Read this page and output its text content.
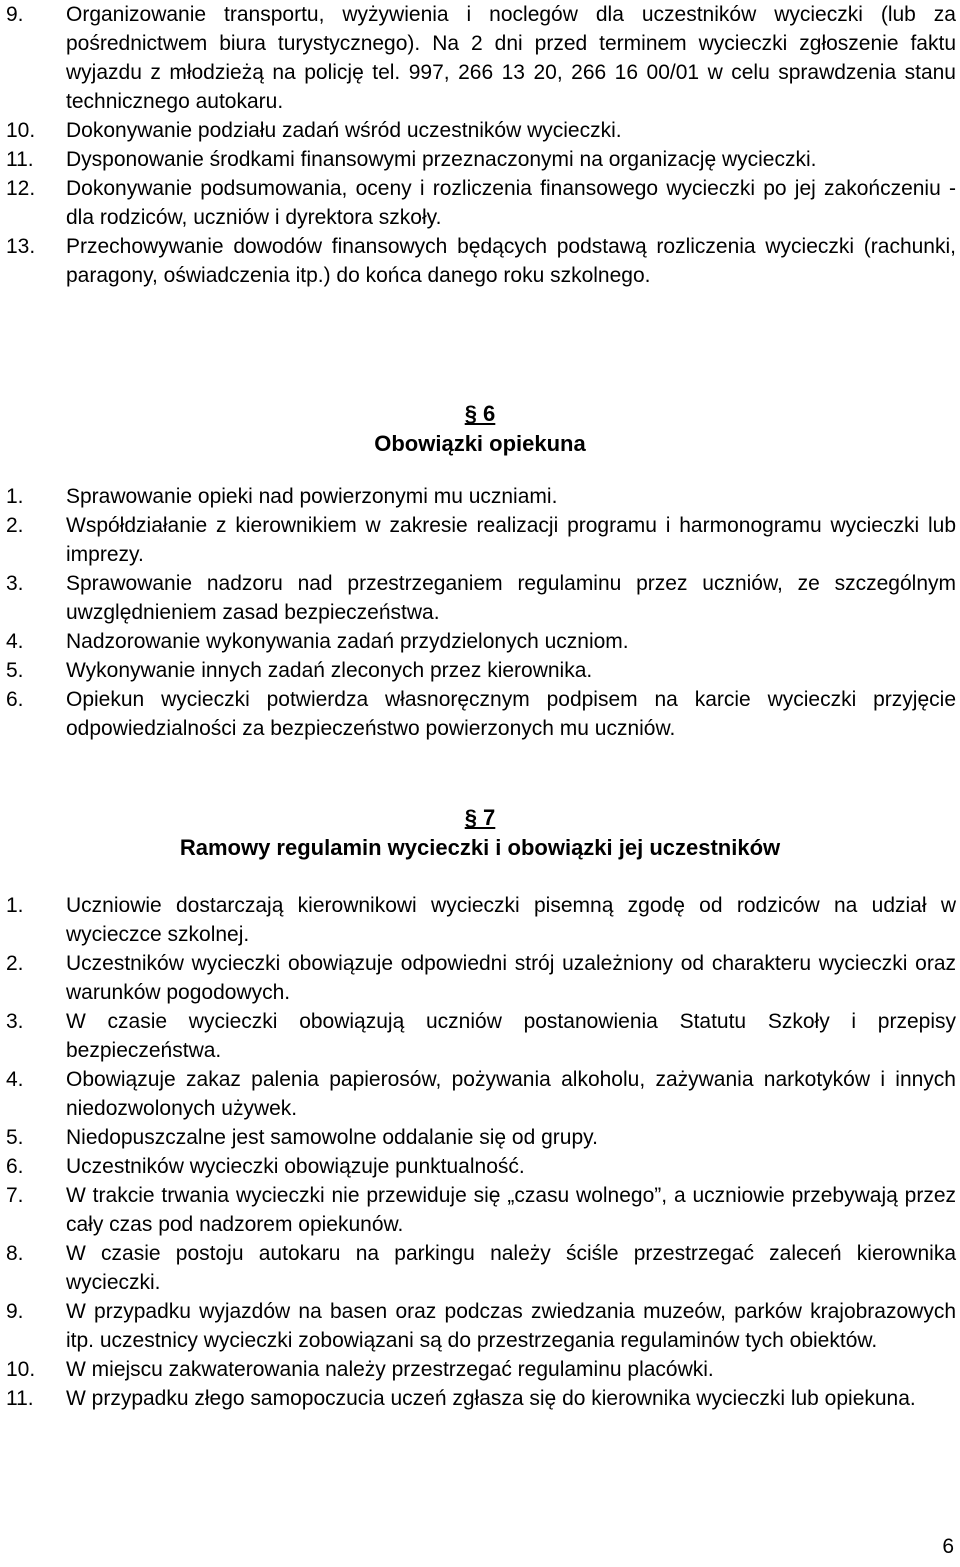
9. Organizowanie transportu, wyżywienia i noclegów dla uczestników wycieczki (lub za pośrednictwem biura turystycznego). Na 2 dni przed terminem wycieczki zgłoszenie faktu wyjazdu z młodzieżą na policję tel. 997, 266 13 20, 266 16 00/01 w celu sprawdzenia stanu technicznego autokaru.
10. Dokonywanie podziału zadań wśród uczestników wycieczki.
11. Dysponowanie środkami finansowymi przeznaczonymi na organizację wycieczki.
12. Dokonywanie podsumowania, oceny i rozliczenia finansowego wycieczki po jej zakończeniu - dla rodziców, uczniów i dyrektora szkoły.
13. Przechowywanie dowodów finansowych będących podstawą rozliczenia wycieczki (rachunki, paragony, oświadczenia itp.) do końca danego roku szkolnego.
§ 6
Obowiązki opiekuna
1. Sprawowanie opieki nad powierzonymi mu uczniami.
2. Współdziałanie z kierownikiem w zakresie realizacji programu i harmonogramu wycieczki lub imprezy.
3. Sprawowanie nadzoru nad przestrzeganiem regulaminu przez uczniów, ze szczególnym uwzględnieniem zasad bezpieczeństwa.
4. Nadzorowanie wykonywania zadań przydzielonych uczniom.
5. Wykonywanie innych zadań zleconych przez kierownika.
6. Opiekun wycieczki potwierdza własnoręcznym podpisem na karcie wycieczki przyjęcie odpowiedzialności za bezpieczeństwo powierzonych mu uczniów.
§ 7
Ramowy regulamin wycieczki i obowiązki jej uczestników
1. Uczniowie dostarczają kierownikowi wycieczki pisemną zgodę od rodziców na udział w wycieczce szkolnej.
2. Uczestników wycieczki obowiązuje odpowiedni strój uzależniony od charakteru wycieczki oraz warunków pogodowych.
3. W czasie wycieczki obowiązują uczniów postanowienia Statutu Szkoły i przepisy bezpieczeństwa.
4. Obowiązuje zakaz palenia papierosów, pożywania alkoholu, zażywania narkotyków i innych niedozwolonych używek.
5. Niedopuszczalne jest samowolne oddalanie się od grupy.
6. Uczestników wycieczki obowiązuje punktualność.
7. W trakcie trwania wycieczki nie przewiduje się „czasu wolnego”, a uczniowie przebywają przez cały czas pod nadzorem opiekunów.
8. W czasie postoju autokaru na parkingu należy ściśle przestrzegać zaleceń kierownika wycieczki.
9. W przypadku wyjazdów na basen oraz podczas zwiedzania muzeów, parków krajobrazowych itp. uczestnicy wycieczki zobowiązani są do przestrzegania regulaminów tych obiektów.
10. W miejscu zakwaterowania należy przestrzegać regulaminu placówki.
11. W przypadku złego samopoczucia uczeń zgłasza się do kierownika wycieczki lub opiekuna.
6
